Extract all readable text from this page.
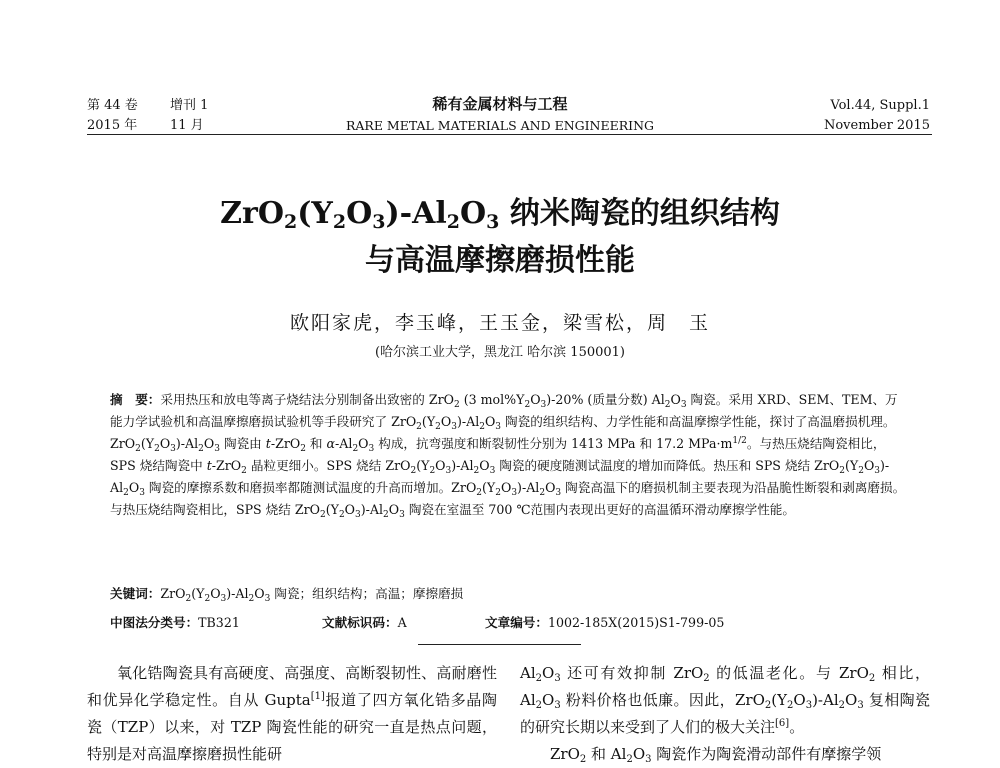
第 44 卷 增刊 1
2015 年	11 月
稀有金属材料与工程
RARE METAL MATERIALS AND ENGINEERING
Vol.44, Suppl.1
November 2015
$ZrO_2(Y_2O_3)-Al_2O_3$ 纳米陶瓷的组织结构
与高温摩擦磨损性能
欧阳家虎，李玉峰，王玉金，梁雪松，周　玉
(哈尔滨工业大学，黑龙江 哈尔滨 150001)
摘　要：采用热压和放电等离子烧结法分别制备出致密的 ZrO$_2$ (3 $mol\%Y_2O_3)-20\%$ (质量分数) $Al_2O_3$ 陶瓷。采用 XRD、SEM、TEM、万能力学试验机和高温摩擦磨损试验机等手段研究了 $ZrO_2(Y_2O_3)-Al_2O_3$ 陶瓷的组织结构、力学性能和高温摩擦学性能，探讨了高温磨损机理。$ZrO_2(Y_2O_3)-Al_2O_3$ 陶瓷由 t-ZrO$_2$ 和 $\alpha-Al_2O_3$ 构成，抗弯强度和断裂韧性分别为 1413 MPa 和 17.2 $MPa\cdot m^{1/2}$。与热压烧结陶瓷相比，SPS 烧结陶瓷中 t-ZrO$_2$ 晶粒更细小。SPS 烧结 $ZrO_2(Y_2O_3)-Al_2O_3$ 陶瓷的硬度随测试温度的增加而降低。热压和 SPS 烧结 $ZrO_2(Y_2O_3)-Al_2O_3$ 陶瓷的摩擦系数和磨损率都随测试温度的升高而增加。$ZrO_2(Y_2O_3)-Al_2O_3$ 陶瓷高温下的磨损机制主要表现为沿晶脆性断裂和剥离磨损。与热压烧结陶瓷相比，SPS 烧结 $ZrO_2(Y_2O_3)-Al_2O_3$ 陶瓷在室温至 700 ℃范围内表现出更好的高温循环滑动摩擦学性能。
关键词：$ZrO_2(Y_2O_3)-Al_2O_3$ 陶瓷；组织结构；高温；摩擦磨损
中图法分类号：TB321	文献标识码：A	文章编号：1002-185X(2015)S1-799-05
氧化锆陶瓷具有高硬度、高强度、高断裂韧性、高耐磨性和优异化学稳定性。自从 Gupta[1]报道了四方氧化锆多晶陶瓷（TZP）以来，对 TZP 陶瓷性能的研究一直是热点问题，特别是对高温摩擦磨损性能研
$Al_2O_3$ 还可有效抑制 ZrO$_2$ 的低温老化。与 ZrO$_2$ 相比，$Al_2O_3$ 粉料价格也低廉。因此，$ZrO_2(Y_2O_3)-Al_2O_3$ 复相陶瓷的研究长期以来受到了人们的极大关注[6]。
　　ZrO$_2$ 和 $Al_2O_3$ 陶瓷作为陶瓷滑动部件有摩擦学领
